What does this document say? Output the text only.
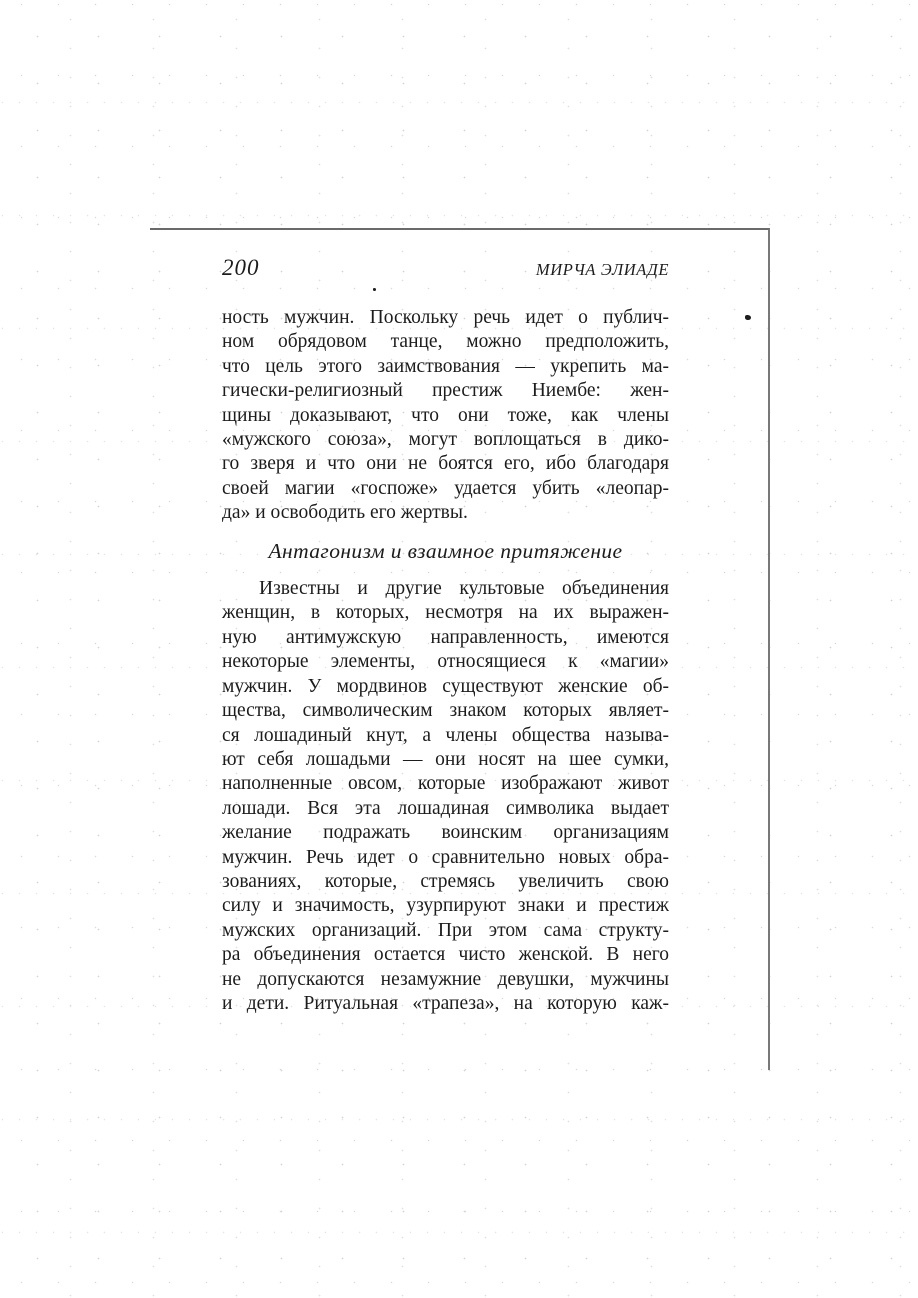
200	МИРЧА ЭЛИАДЕ
ность мужчин. Поскольку речь идет о публич-
ном обрядовом танце, можно предположить,
что цель этого заимствования — укрепить ма-
гически-религиозный престиж Ниембе: жен-
щины доказывают, что они тоже, как члены
«мужского союза», могут воплощаться в дико-
го зверя и что они не боятся его, ибо благодаря
своей магии «госпоже» удается убить «леопар-
да» и освободить его жертвы.
Антагонизм и взаимное притяжение
Известны и другие культовые объединения
женщин, в которых, несмотря на их выражен-
ную антимужскую направленность, имеются
некоторые элементы, относящиеся к «магии»
мужчин. У мордвинов существуют женские об-
щества, символическим знаком которых являет-
ся лошадиный кнут, а члены общества называ-
ют себя лошадьми — они носят на шее сумки,
наполненные овсом, которые изображают живот
лошади. Вся эта лошадиная символика выдает
желание подражать воинским организациям
мужчин. Речь идет о сравнительно новых обра-
зованиях, которые, стремясь увеличить свою
силу и значимость, узурпируют знаки и престиж
мужских организаций. При этом сама структу-
ра объединения остается чисто женской. В него
не допускаются незамужние девушки, мужчины
и дети. Ритуальная «трапеза», на которую каж-
